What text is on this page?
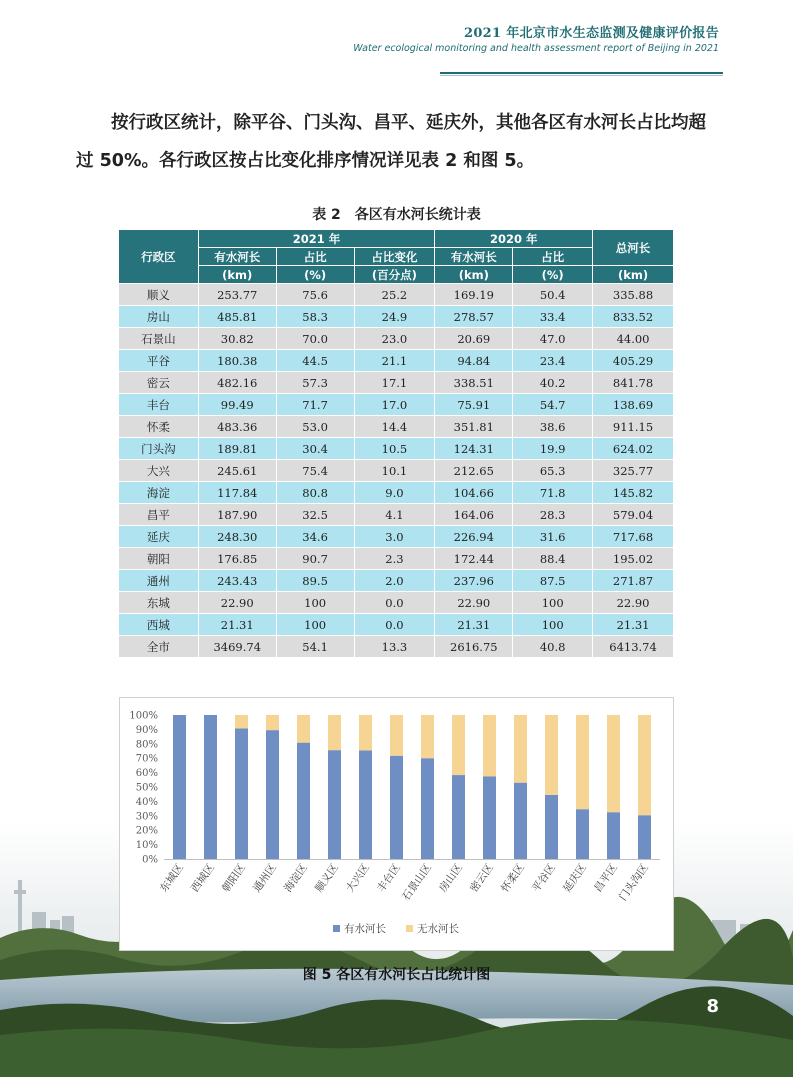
2021 年北京市水生态监测及健康评价报告
Water ecological monitoring and health assessment report of Beijing in 2021

按行政区统计，除平谷、门头沟、昌平、延庆外，其他各区有水河长占比均超过 50%。各行政区按占比变化排序情况详见表 2 和图 5。

表 2　各区有水河长统计表
行政区	2021 年			2020 年		总河长
	有水河长	占比	占比变化	有水河长	占比	
	(km)	(%)	(百分点)	(km)	(%)	(km)
顺义	253.77	75.6	25.2	169.19	50.4	335.88
房山	485.81	58.3	24.9	278.57	33.4	833.52
石景山	30.82	70.0	23.0	20.69	47.0	44.00
平谷	180.38	44.5	21.1	94.84	23.4	405.29
密云	482.16	57.3	17.1	338.51	40.2	841.78
丰台	99.49	71.7	17.0	75.91	54.7	138.69
怀柔	483.36	53.0	14.4	351.81	38.6	911.15
门头沟	189.81	30.4	10.5	124.31	19.9	624.02
大兴	245.61	75.4	10.1	212.65	65.3	325.77
海淀	117.84	80.8	9.0	104.66	71.8	145.82
昌平	187.90	32.5	4.1	164.06	28.3	579.04
延庆	248.30	34.6	3.0	226.94	31.6	717.68
朝阳	176.85	90.7	2.3	172.44	88.4	195.02
通州	243.43	89.5	2.0	237.96	87.5	271.87
东城	22.90	100	0.0	22.90	100	22.90
西城	21.31	100	0.0	21.31	100	21.31
全市	3469.74	54.1	13.3	2616.75	40.8	6413.74
0%
10%
20%
30%
40%
50%
60%
70%
80%
90%
100%
东城区 西城区 朝阳区 通州区 海淀区 顺义区 大兴区 丰台区
石景山区 房山区 密云区 怀柔区 平谷区 延庆区 昌平区
门头沟区
有水河长	无水河长
图 5 各区有水河长占比统计图
8
